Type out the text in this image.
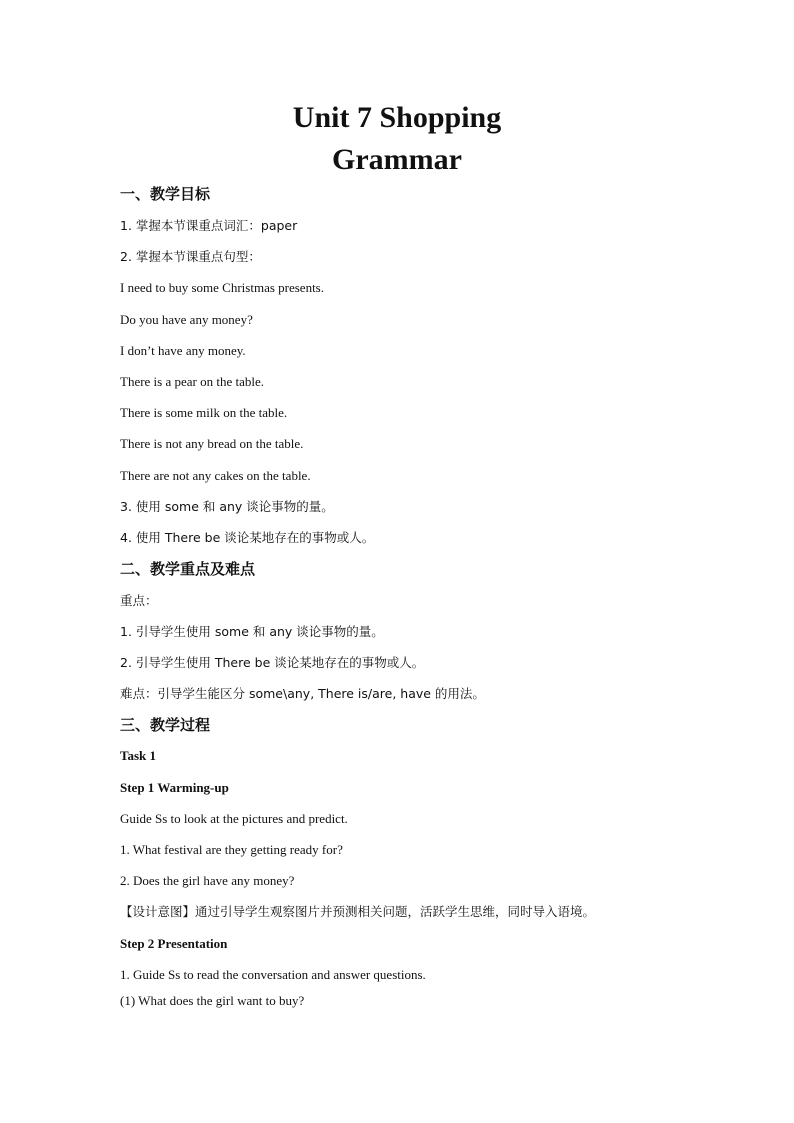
Unit 7 Shopping
Grammar

一、教学目标

1. 掌握本节课重点词汇：paper

2. 掌握本节课重点句型：

I need to buy some Christmas presents.

Do you have any money?

I don’t have any money.

There is a pear on the table.

There is some milk on the table.

There is not any bread on the table.

There are not any cakes on the table.

3. 使用 some 和 any 谈论事物的量。

4. 使用 There be 谈论某地存在的事物或人。

二、教学重点及难点

重点：

1. 引导学生使用 some 和 any 谈论事物的量。

2. 引导学生使用 There be 谈论某地存在的事物或人。

难点：引导学生能区分 some\any, There is/are, have 的用法。

三、教学过程

Task 1

Step 1 Warming-up

Guide Ss to look at the pictures and predict.

1. What festival are they getting ready for?

2. Does the girl have any money?

【设计意图】通过引导学生观察图片并预测相关问题，活跃学生思维，同时导入语境。

Step 2 Presentation

1. Guide Ss to read the conversation and answer questions.

(1) What does the girl want to buy?
